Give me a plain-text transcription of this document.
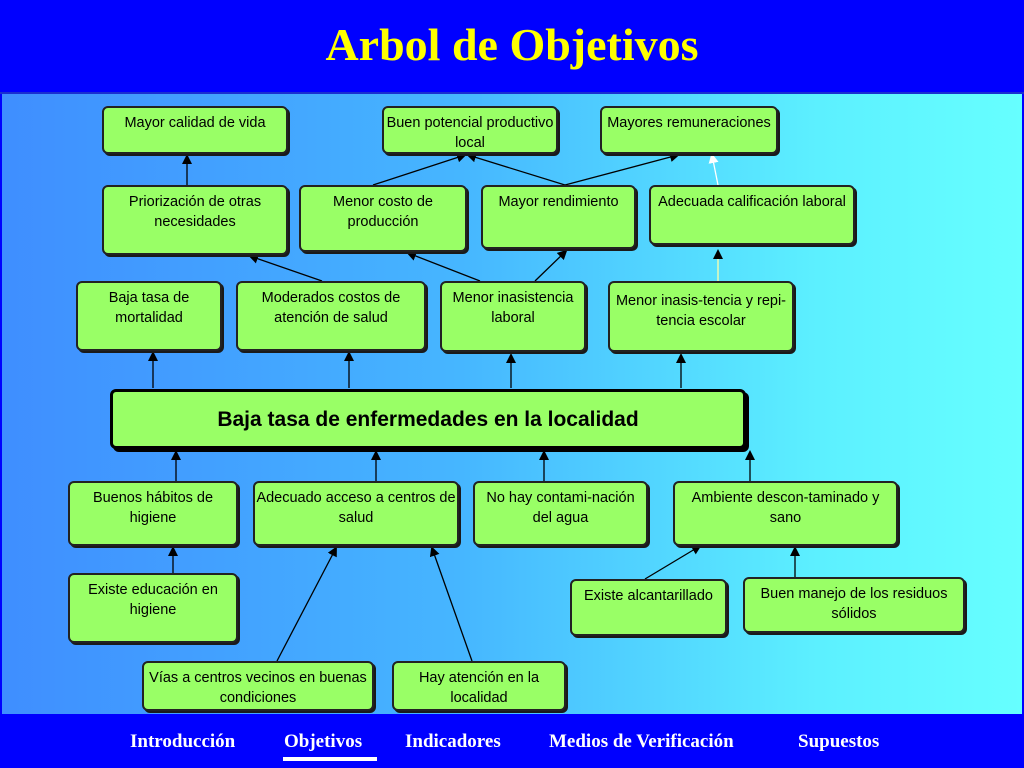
Arbol de Objetivos
Mayor calidad de vida	Buen potencial productivo local
Mayores remuneraciones
Priorización de otras necesidades
Menor costo de producción
Mayor rendimiento	Adecuada calificación laboral
Baja tasa de mortalidad
Moderados costos de atención de salud
Menor inasistencia laboral
Menor inasis-tencia y repi-tencia escolar
Baja tasa de enfermedades en la localidad
Buenos hábitos de higiene
Adecuado acceso a centros de salud
No hay contami-nación del agua
Ambiente descon-taminado y sano
Existe educación en higiene
Existe alcantarillado	Buen manejo de los residuos sólidos
Vías a centros vecinos en buenas condiciones
Hay atención en la localidad
Introducción	Objetivos Indicadores	Medios de Verificación	Supuestos
